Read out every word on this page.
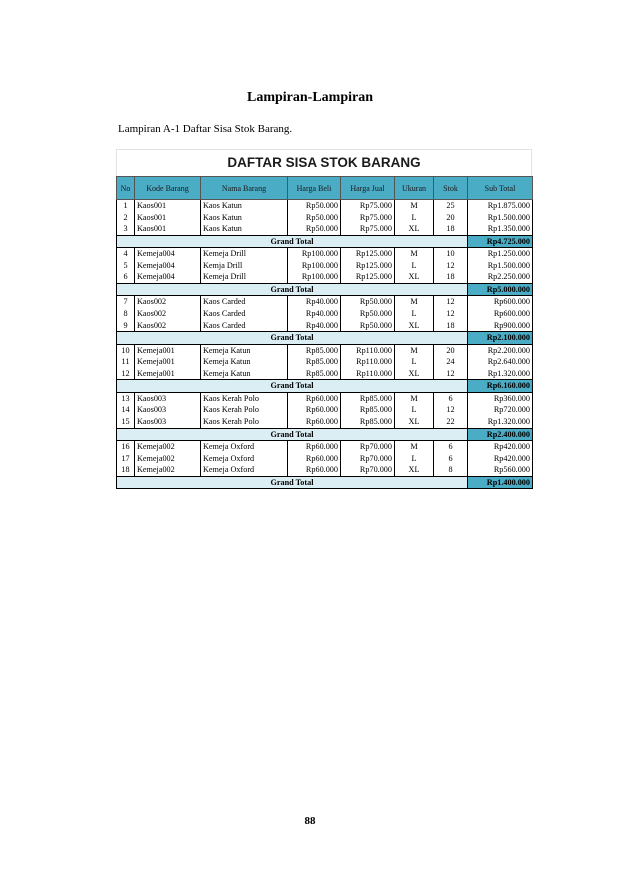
Lampiran-Lampiran
Lampiran A-1 Daftar Sisa Stok Barang.
DAFTAR SISA STOK BARANG
No	Kode Barang	Nama Barang	Harga Beli	Harga Jual	Ukuran	Stok	Sub Total
1	Kaos001	Kaos Katun	Rp50.000	Rp75.000	M	25	Rp1.875.000
2	Kaos001	Kaos Katun	Rp50.000	Rp75.000	L	20	Rp1.500.000
3	Kaos001	Kaos Katun	Rp50.000	Rp75.000	XL	18	Rp1.350.000
Grand Total							Rp4.725.000
4	Kemeja004	Kemeja Drill	Rp100.000	Rp125.000	M	10	Rp1.250.000
5	Kemeja004	Kemja Drill	Rp100.000	Rp125.000	L	12	Rp1.500.000
6	Kemeja004	Kemeja Drill	Rp100.000	Rp125.000	XL	18	Rp2.250.000
Grand Total							Rp5.000.000
7	Kaos002	Kaos Carded	Rp40.000	Rp50.000	M	12	Rp600.000
8	Kaos002	Kaos Carded	Rp40.000	Rp50.000	L	12	Rp600.000
9	Kaos002	Kaos Carded	Rp40.000	Rp50.000	XL	18	Rp900.000
Grand Total							Rp2.100.000
10	Kemeja001	Kemeja Katun	Rp85.000	Rp110.000	M	20	Rp2.200.000
11	Kemeja001	Kemeja Katun	Rp85.000	Rp110.000	L	24	Rp2.640.000
12	Kemeja001	Kemeja Katun	Rp85.000	Rp110.000	XL	12	Rp1.320.000
Grand Total							Rp6.160.000
13	Kaos003	Kaos Kerah Polo	Rp60.000	Rp85.000	M	6	Rp360.000
14	Kaos003	Kaos Kerah Polo	Rp60.000	Rp85.000	L	12	Rp720.000
15	Kaos003	Kaos Kerah Polo	Rp60.000	Rp85.000	XL	22	Rp1.320.000
Grand Total							Rp2.400.000
16	Kemeja002	Kemeja Oxford	Rp60.000	Rp70.000	M	6	Rp420.000
17	Kemeja002	Kemeja Oxford	Rp60.000	Rp70.000	L	6	Rp420.000
18	Kemeja002	Kemeja Oxford	Rp60.000	Rp70.000	XL	8	Rp560.000
Grand Total							Rp1.400.000
88
